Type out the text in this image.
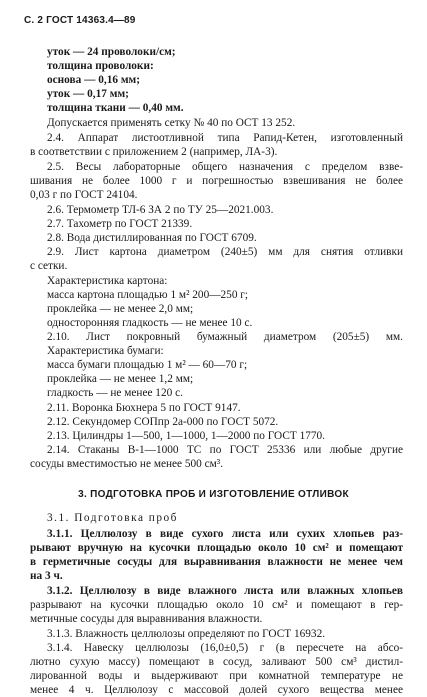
С. 2 ГОСТ 14363.4—89
уток — 24 проволоки/см;
толщина проволоки:
основа — 0,16 мм;
уток — 0,17 мм;
толщина ткани — 0,40 мм.
Допускается применять сетку № 40 по ОСТ 13 252.
2.4. Аппарат листоотливной типа Рапид-Кетен, изготовленный
в соответствии с приложением 2 (например, ЛА-3).
2.5. Весы лабораторные общего назначения с пределом взве-
шивания не более 1000 г и погрешностью взвешивания не более
0,03 г по ГОСТ 24104.
2.6. Термометр ТЛ-6 ЗА 2 по ТУ 25—2021.003.
2.7. Тахометр по ГОСТ 21339.
2.8. Вода дистиллированная по ГОСТ 6709.
2.9. Лист картона диаметром (240±5) мм для снятия отливки
с сетки.
Характеристика картона:
масса картона площадью 1 м² 200—250 г;
проклейка — не менее 2,0 мм;
односторонняя гладкость — не менее 10 с.
2.10. Лист покровный бумажный диаметром (205±5) мм.
Характеристика бумаги:
масса бумаги площадью 1 м² — 60—70 г;
проклейка — не менее 1,2 мм;
гладкость — не менее 120 с.
2.11. Воронка Бюхнера 5 по ГОСТ 9147.
2.12. Секундомер СОПпр 2а-000 по ГОСТ 5072.
2.13. Цилиндры 1—500, 1—1000, 1—2000 по ГОСТ 1770.
2.14. Стаканы В-1—1000 ТС по ГОСТ 25336 или любые другие
сосуды вместимостью не менее 500 см³.
3. ПОДГОТОВКА ПРОБ И ИЗГОТОВЛЕНИЕ ОТЛИВОК
3.1. Подготовка проб
3.1.1. Целлюлозу в виде сухого листа или сухих хлопьев раз-
рывают вручную на кусочки площадью около 10 см² и помещают
в герметичные сосуды для выравнивания влажности не менее чем
на 3 ч.
3.1.2. Целлюлозу в виде влажного листа или влажных хлопьев
разрывают на кусочки площадью около 10 см² и помещают в гер-
метичные сосуды для выравнивания влажности.
3.1.3. Влажность целлюлозы определяют по ГОСТ 16932.
3.1.4. Навеску целлюлозы (16,0±0,5) г (в пересчете на абсо-
лютно сухую массу) помещают в сосуд, заливают 500 см³ дистил-
лированной воды и выдерживают при комнатной температуре не
менее 4 ч. Целлюлозу с массовой долей сухого вещества менее
